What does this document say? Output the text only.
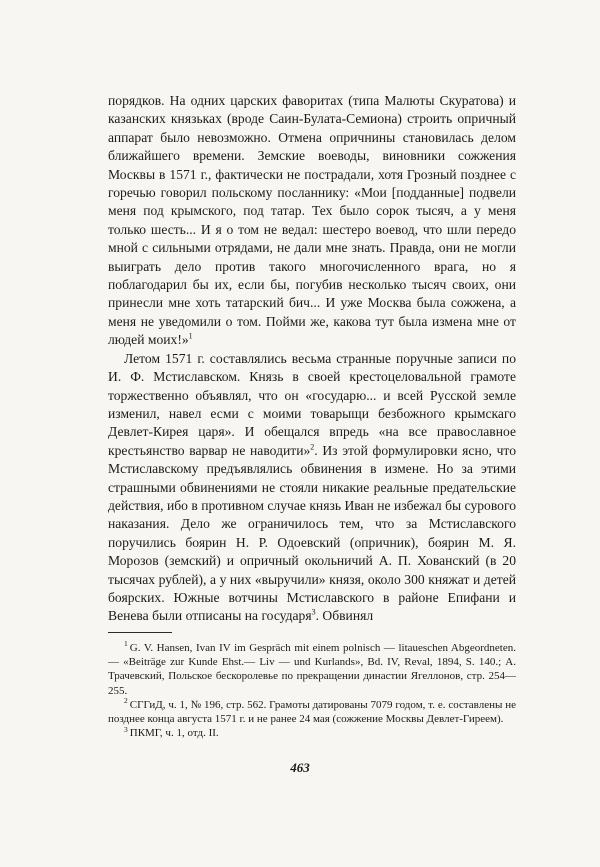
порядков. На одних царских фаворитах (типа Малюты Скуратова) и казанских князьках (вроде Саин-Булата-Семиона) строить опричный аппарат было невозможно. Отмена опричнины становилась делом ближайшего времени. Земские воеводы, виновники сожжения Москвы в 1571 г., фактически не пострадали, хотя Грозный позднее с горечью говорил польскому посланнику: «Мои [подданные] подвели меня под крымского, под татар. Тех было сорок тысяч, а у меня только шесть... И я о том не ведал: шестеро воевод, что шли передо мной с сильными отрядами, не дали мне знать. Правда, они не могли выиграть дело против такого многочисленного врага, но я поблагодарил бы их, если бы, погубив несколько тысяч своих, они принесли мне хоть татарский бич... И уже Москва была сожжена, а меня не уведомили о том. Пойми же, какова тут была измена мне от людей моих!»$^1$

Летом 1571 г. составлялись весьма странные поручные записи по И. Ф. Мстиславском. Князь в своей крестоцеловальной грамоте торжественно объявлял, что он «государю... и всей Русской земле изменил, навел есми с моими товарыщи безбожного крымскаго Девлет-Кирея царя». И обещался впредь «на все православное крестьянство варвар не наводити»$^2$. Из этой формулировки ясно, что Мстиславскому предъявлялись обвинения в измене. Но за этими страшными обвинениями не стояли никакие реальные предательские действия, ибо в противном случае князь Иван не избежал бы сурового наказания. Дело же ограничилось тем, что за Мстиславского поручились боярин Н. Р. Одоевский (опричник), боярин М. Я. Морозов (земский) и опричный окольничий А. П. Хованский (в 20 тысячах рублей), а у них «выручили» князя, около 300 княжат и детей боярских. Южные вотчины Мстиславского в районе Епифани и Венева были отписаны на государя$^3$. Обвинял

$^1$ G. V. Hansen, Ivan IV im Gespräch mit einem polnisch — litaueschen Abgeordneten.— «Beiträge zur Kunde Ehst.— Liv — und Kurlands», Bd. IV, Reval, 1894, S. 140.; А. Трачевский, Польское бескоролевье по прекращении династии Ягеллонов, стр. 254—255.

$^2$ СГГиД, ч. 1, № 196, стр. 562. Грамоты датированы 7079 годом, т. е. составлены не позднее конца августа 1571 г. и не ранее 24 мая (сожжение Москвы Девлет-Гиреем).

$^3$ ПКМГ, ч. 1, отд. II.

463
